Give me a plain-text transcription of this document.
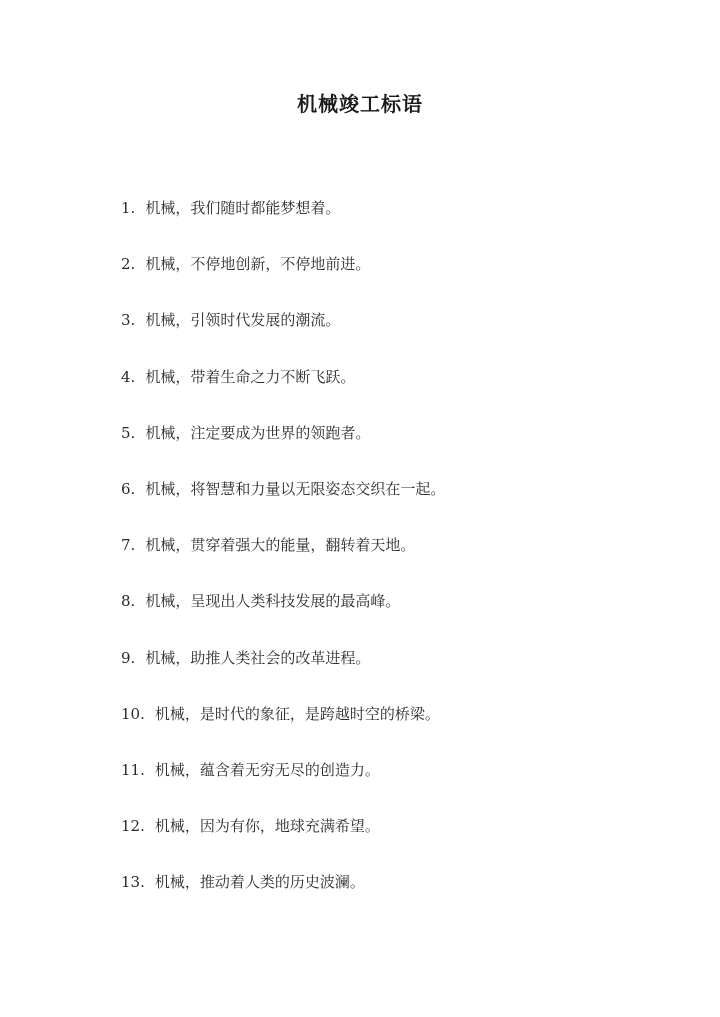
机械竣工标语
1. 机械，我们随时都能梦想着。
2. 机械，不停地创新，不停地前进。
3. 机械，引领时代发展的潮流。
4. 机械，带着生命之力不断飞跃。
5. 机械，注定要成为世界的领跑者。
6. 机械，将智慧和力量以无限姿态交织在一起。
7. 机械，贯穿着强大的能量，翻转着天地。
8. 机械，呈现出人类科技发展的最高峰。
9. 机械，助推人类社会的改革进程。
10. 机械，是时代的象征，是跨越时空的桥梁。
11. 机械，蕴含着无穷无尽的创造力。
12. 机械，因为有你，地球充满希望。
13. 机械，推动着人类的历史波澜。
